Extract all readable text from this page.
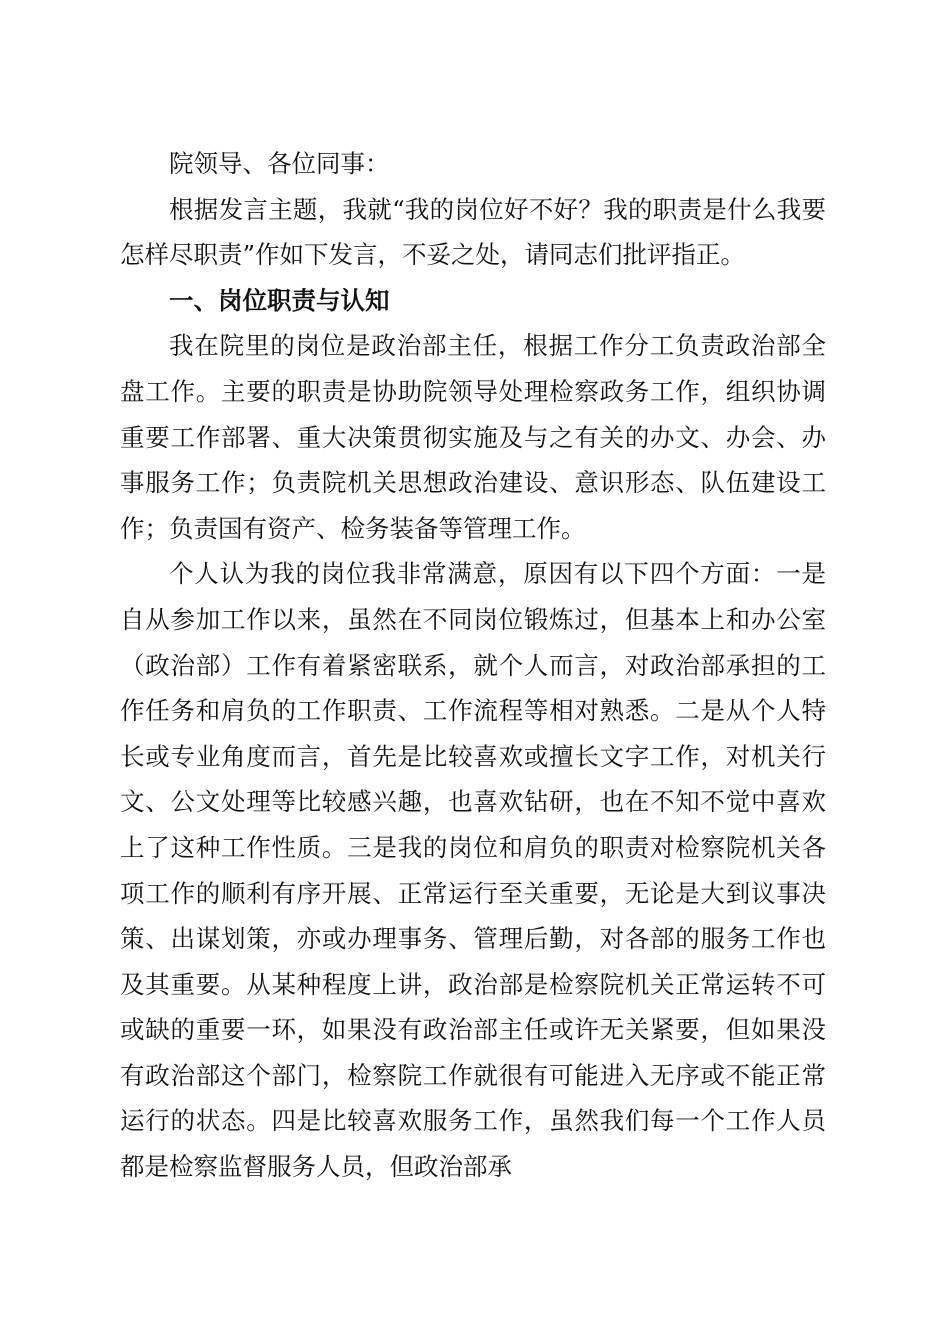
院领导、各位同事：

根据发言主题，我就“我的岗位好不好？我的职责是什么我要怎样尽职责”作如下发言，不妥之处，请同志们批评指正。

一、岗位职责与认知

我在院里的岗位是政治部主任，根据工作分工负责政治部全盘工作。主要的职责是协助院领导处理检察政务工作，组织协调重要工作部署、重大决策贯彻实施及与之有关的办文、办会、办事服务工作；负责院机关思想政治建设、意识形态、队伍建设工作；负责国有资产、检务装备等管理工作。

个人认为我的岗位我非常满意，原因有以下四个方面：一是自从参加工作以来，虽然在不同岗位锻炼过，但基本上和办公室（政治部）工作有着紧密联系，就个人而言，对政治部承担的工作任务和肩负的工作职责、工作流程等相对熟悉。二是从个人特长或专业角度而言，首先是比较喜欢或擅长文字工作，对机关行文、公文处理等比较感兴趣，也喜欢钻研，也在不知不觉中喜欢上了这种工作性质。三是我的岗位和肩负的职责对检察院机关各项工作的顺利有序开展、正常运行至关重要，无论是大到议事决策、出谋划策，亦或办理事务、管理后勤，对各部的服务工作也及其重要。从某种程度上讲，政治部是检察院机关正常运转不可或缺的重要一环，如果没有政治部主任或许无关紧要，但如果没有政治部这个部门，检察院工作就很有可能进入无序或不能正常运行的状态。四是比较喜欢服务工作，虽然我们每一个工作人员都是检察监督服务人员，但政治部承
